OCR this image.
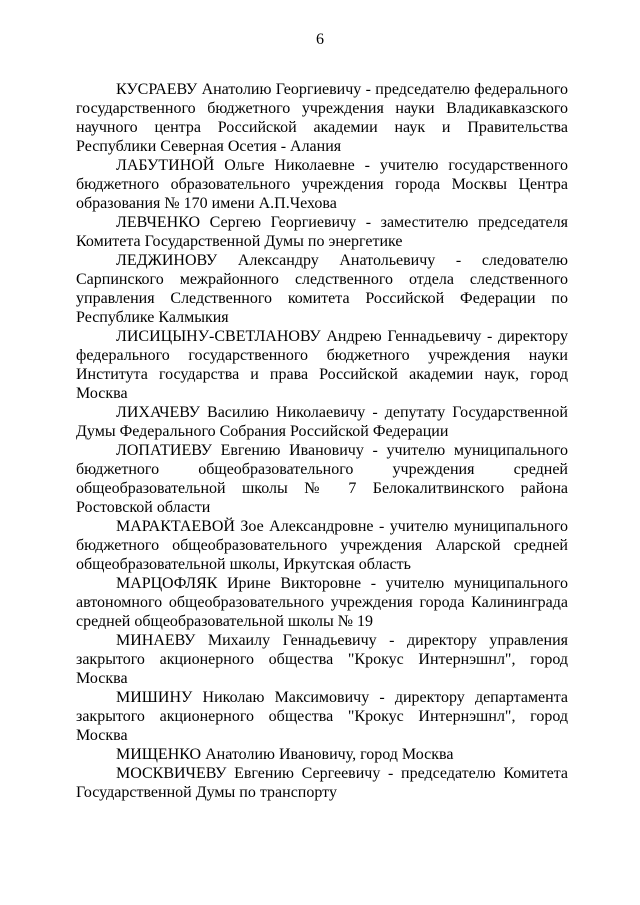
6

КУСРАЕВУ Анатолию Георгиевичу - председателю федерального государственного бюджетного учреждения науки Владикавказского научного центра Российской академии наук и Правительства Республики Северная Осетия - Алания

ЛАБУТИНОЙ Ольге Николаевне - учителю государственного бюджетного образовательного учреждения города Москвы Центра образования № 170 имени А.П.Чехова

ЛЕВЧЕНКО Сергею Георгиевичу - заместителю председателя Комитета Государственной Думы по энергетике

ЛЕДЖИНОВУ Александру Анатольевичу - следователю Сарпинского межрайонного следственного отдела следственного управления Следственного комитета Российской Федерации по Республике Калмыкия

ЛИСИЦЫНУ-СВЕТЛАНОВУ Андрею Геннадьевичу - директору федерального государственного бюджетного учреждения науки Института государства и права Российской академии наук, город Москва

ЛИХАЧЕВУ Василию Николаевичу - депутату Государственной Думы Федерального Собрания Российской Федерации

ЛОПАТИЕВУ Евгению Ивановичу - учителю муниципального бюджетного общеобразовательного учреждения средней общеобразовательной школы № 7 Белокалитвинского района Ростовской области

МАРАКТАЕВОЙ Зое Александровне - учителю муниципального бюджетного общеобразовательного учреждения Аларской средней общеобразовательной школы, Иркутская область

МАРЦОФЛЯК Ирине Викторовне - учителю муниципального автономного общеобразовательного учреждения города Калининграда средней общеобразовательной школы № 19

МИНАЕВУ Михаилу Геннадьевичу - директору управления закрытого акционерного общества "Крокус Интернэшнл", город Москва

МИШИНУ Николаю Максимовичу - директору департамента закрытого акционерного общества "Крокус Интернэшнл", город Москва

МИЩЕНКО Анатолию Ивановичу, город Москва

МОСКВИЧЕВУ Евгению Сергеевичу - председателю Комитета Государственной Думы по транспорту
